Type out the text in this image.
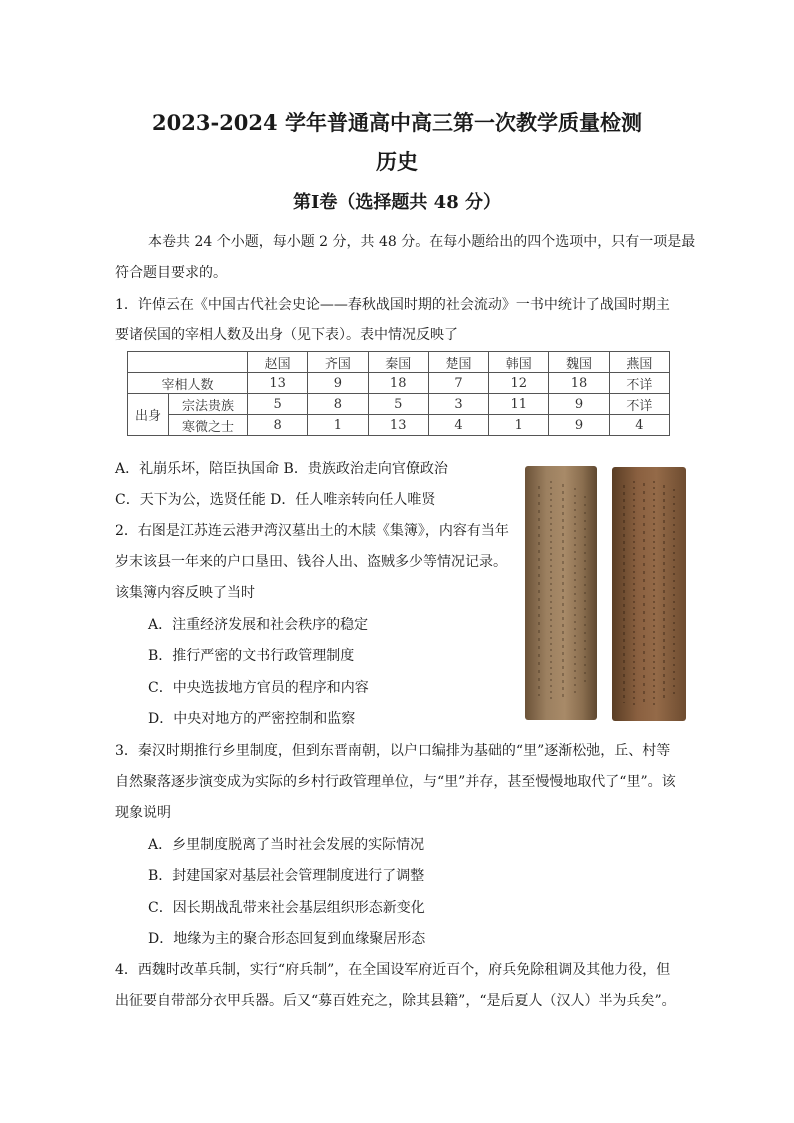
2023-2024 学年普通高中高三第一次教学质量检测
历史
第Ⅰ卷（选择题共 48 分）
本卷共 24 个小题，每小题 2 分，共 48 分。在每小题给出的四个选项中，只有一项是最
符合题目要求的。
1．许倬云在《中国古代社会史论——春秋战国时期的社会流动》一书中统计了战国时期主
要诸侯国的宰相人数及出身（见下表）。表中情况反映了
		赵国	齐国	秦国	楚国	韩国	魏国	燕国
宰相人数		13	9	18	7	12	18	不详
出身	宗法贵族	5	8	5	3	11	9	不详
	寒微之士	8	1	13	4	1	9	4
A．礼崩乐坏，陪臣执国命 B．贵族政治走向官僚政治
C．天下为公，选贤任能 D．任人唯亲转向任人唯贤
2．右图是江苏连云港尹湾汉墓出土的木牍《集簿》，内容有当年
岁末该县一年来的户口垦田、钱谷人出、盗贼多少等情况记录。
该集簿内容反映了当时
A．注重经济发展和社会秩序的稳定
B．推行严密的文书行政管理制度
C．中央选拔地方官员的程序和内容
D．中央对地方的严密控制和监察
3．秦汉时期推行乡里制度，但到东晋南朝，以户口编排为基础的“里”逐渐松弛，丘、村等
自然聚落逐步演变成为实际的乡村行政管理单位，与“里”并存，甚至慢慢地取代了“里”。该
现象说明
A．乡里制度脱离了当时社会发展的实际情况
B．封建国家对基层社会管理制度进行了调整
C．因长期战乱带来社会基层组织形态新变化
D．地缘为主的聚合形态回复到血缘聚居形态
4．西魏时改革兵制，实行“府兵制”，在全国设军府近百个，府兵免除租调及其他力役，但
出征要自带部分衣甲兵器。后又“募百姓充之，除其县籍”，“是后夏人（汉人）半为兵矣”。
